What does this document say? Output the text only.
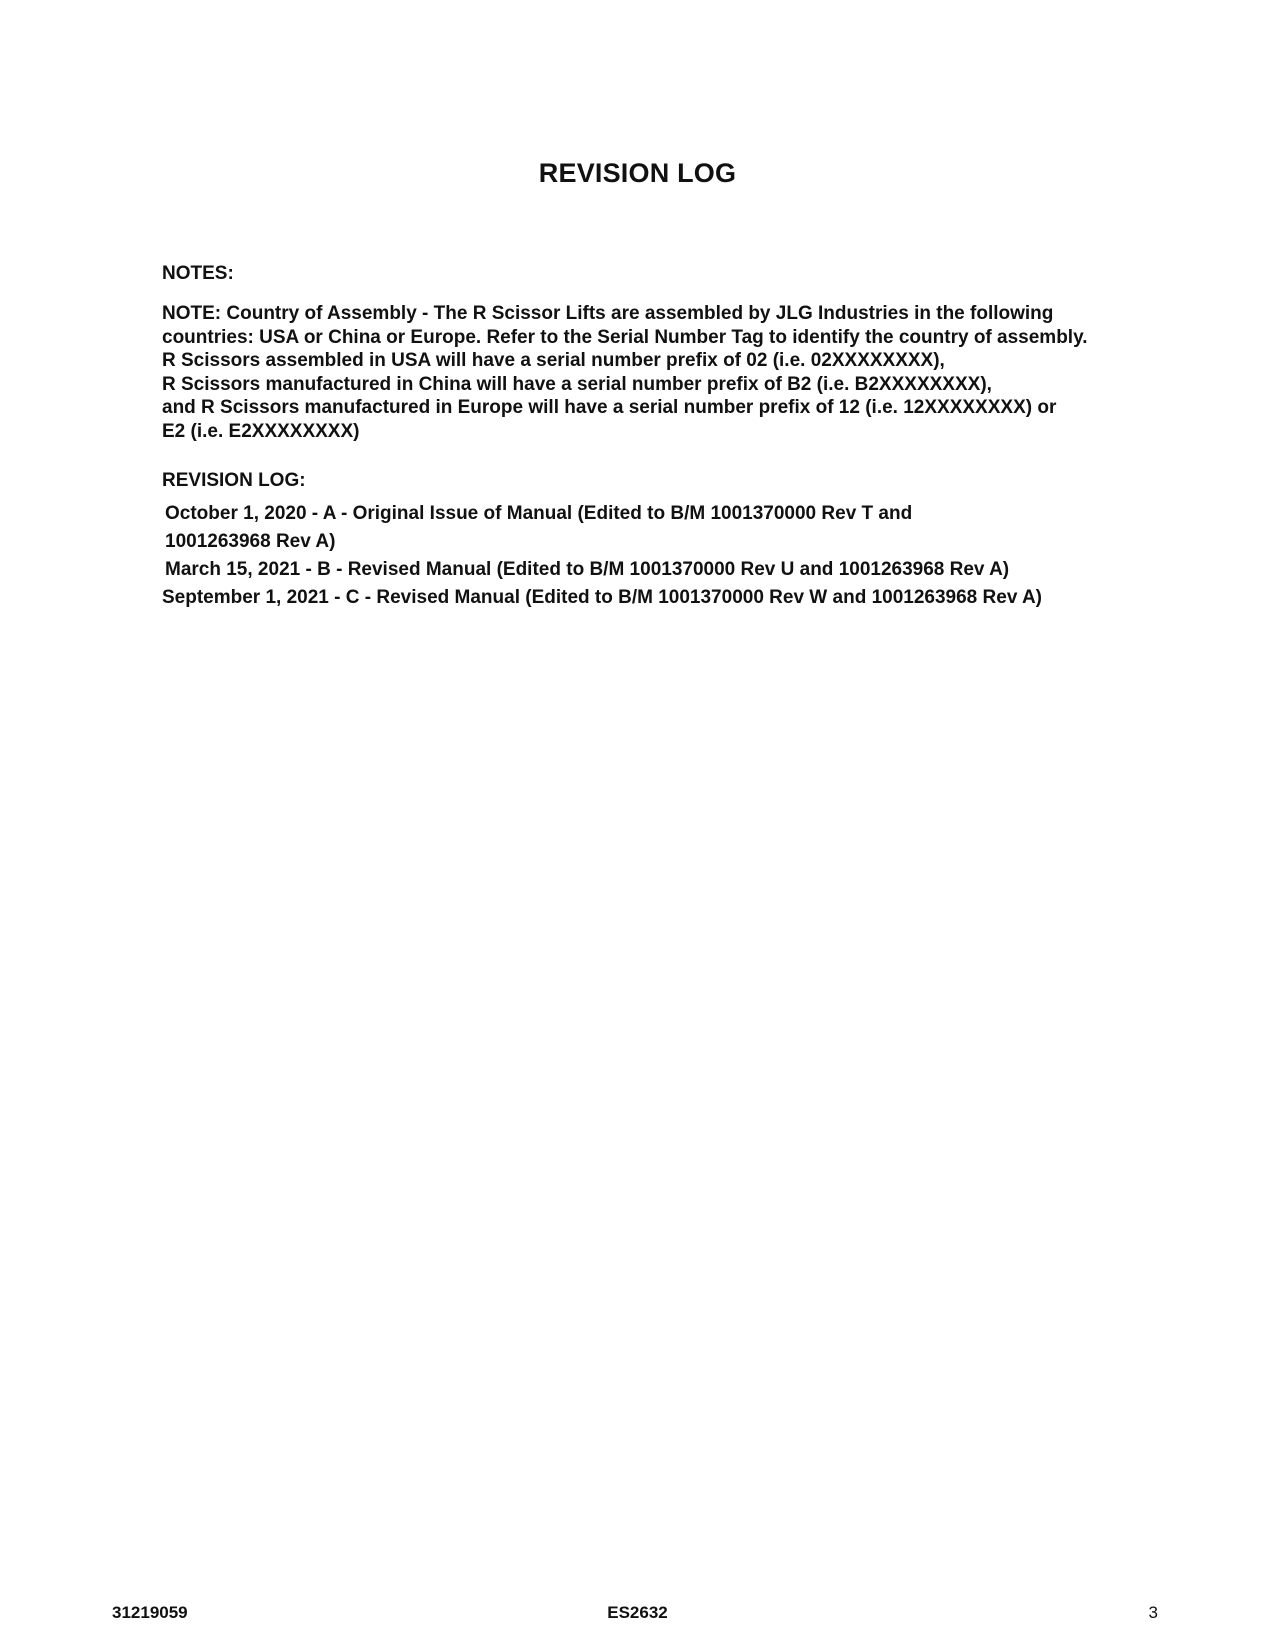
REVISION LOG
NOTES:
NOTE: Country of Assembly - The R Scissor Lifts are assembled by JLG Industries in the following
countries: USA or China or Europe. Refer to the Serial Number Tag to identify the country of assembly.
R Scissors assembled in USA will have a serial number prefix of 02 (i.e. 02XXXXXXXX),
R Scissors manufactured in China will have a serial number prefix of B2 (i.e. B2XXXXXXXX),
and R Scissors manufactured in Europe will have a serial number prefix of 12 (i.e. 12XXXXXXXX) or
E2 (i.e. E2XXXXXXXX)
REVISION LOG:
October 1, 2020 - A - Original Issue of Manual (Edited to B/M 1001370000 Rev T and
1001263968 Rev A)
March 15, 2021 - B - Revised Manual (Edited to B/M 1001370000 Rev U and 1001263968 Rev A)
September 1, 2021 - C - Revised Manual (Edited to B/M 1001370000 Rev W and 1001263968 Rev A)
31219059	ES2632	3
